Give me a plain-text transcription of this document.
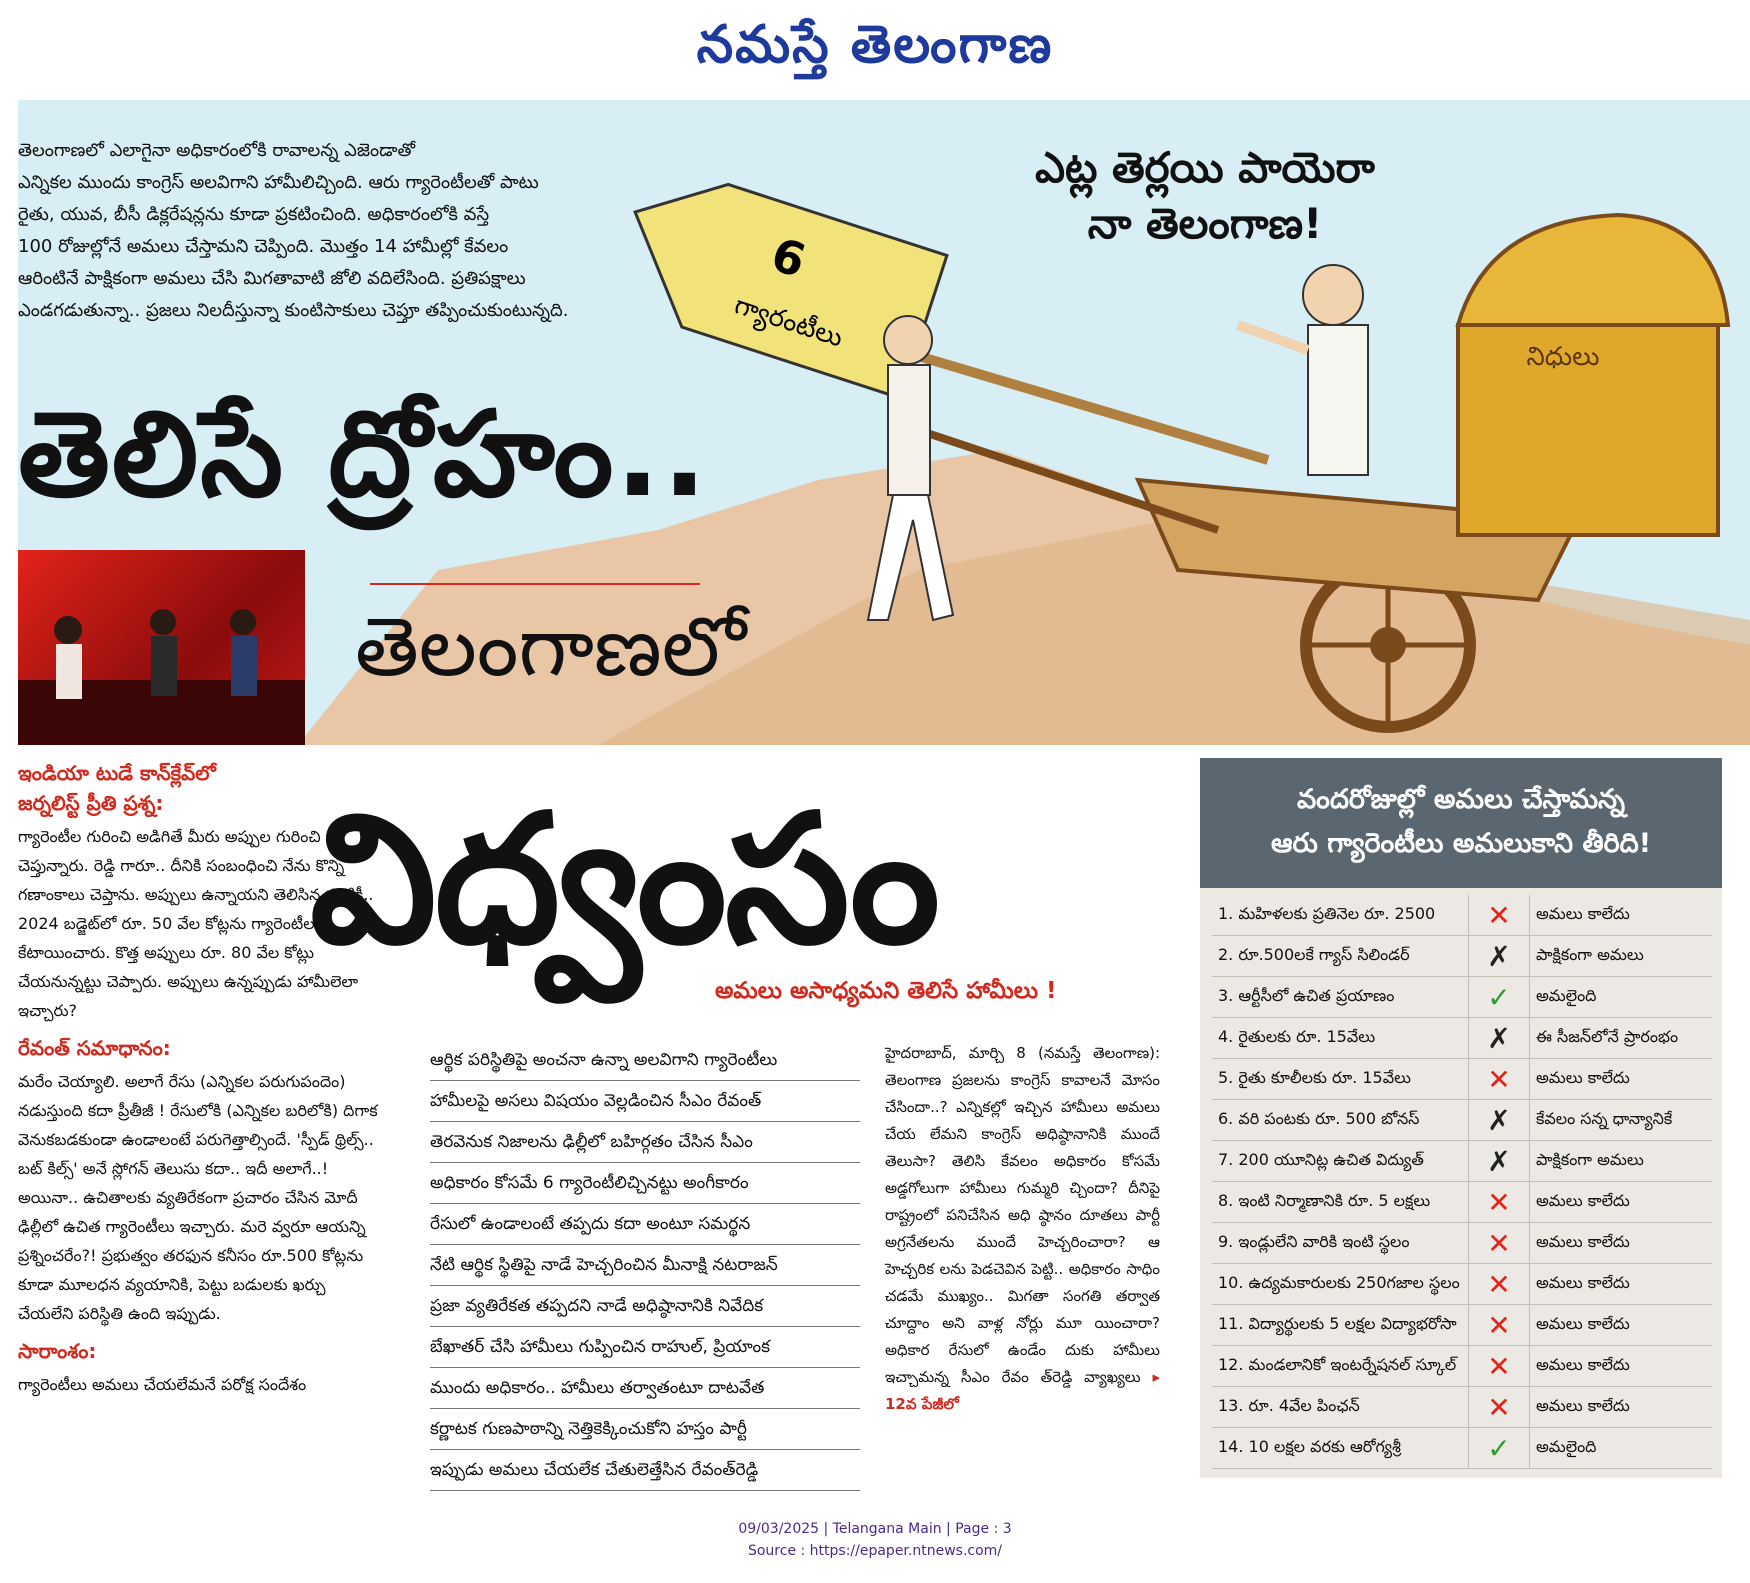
నమస్తే తెలంగాణ
6
గ్యారంటీలు
నిధులు
తెలంగాణలో ఎలాగైనా అధికారంలోకి రావాలన్న ఎజెండాతో
ఎన్నికల ముందు కాంగ్రెస్ అలవిగాని హామీలిచ్చింది. ఆరు గ్యారెంటీలతో పాటు
రైతు, యువ, బీసీ డిక్లరేషన్లను కూడా ప్రకటించింది. అధికారంలోకి వస్తే
100 రోజుల్లోనే అమలు చేస్తామని చెప్పింది. మొత్తం 14 హామీల్లో కేవలం
ఆరింటినే పాక్షికంగా అమలు చేసి మిగతావాటి జోలి వదిలేసింది. ప్రతిపక్షాలు
ఎండగడుతున్నా.. ప్రజలు నిలదీస్తున్నా కుంటిసాకులు చెప్తూ తప్పించుకుంటున్నది.
ఎట్ల తెర్లయి పాయెరా
నా తెలంగాణ!
తెలిసే ద్రోహం..
తెలంగాణలో
ఇండియా టుడే కాన్‌క్లేవ్‌లో
జర్నలిస్ట్ ప్రీతి ప్రశ్న:
గ్యారెంటీల గురించి అడిగితే మీరు అప్పుల గురించి చెప్తున్నారు. రెడ్డి గారూ.. దీనికి సంబంధించి నేను కొన్ని గణాంకాలు చెప్తాను. అప్పులు ఉన్నాయని తెలిసిన ప్పటికీ.. 2024 బడ్జెట్‌లో రూ. 50 వేల కోట్లను గ్యారెంటీలకు కేటాయించారు. కొత్త అప్పులు రూ. 80 వేల కోట్లు చేయనున్నట్టు చెప్పారు. అప్పులు ఉన్నప్పుడు హామీలెలా ఇచ్చారు?
రేవంత్ సమాధానం:
మరేం చెయ్యాలి. అలాగే రేసు (ఎన్నికల పరుగుపందెం) నడుస్తుంది కదా ప్రీతీజీ ! రేసులోకి (ఎన్నికల బరిలోకి) దిగాక వెనుకబడకుండా ఉండాలంటే పరుగెత్తాల్సిందే. 'స్పీడ్ థ్రిల్స్.. బట్ కిల్స్' అనే స్లోగన్ తెలుసు కదా.. ఇదీ అలాగే..! అయినా.. ఉచితాలకు వ్యతిరేకంగా ప్రచారం చేసిన మోదీ ఢిల్లీలో ఉచిత గ్యారెంటీలు ఇచ్చారు. మరె వ్వరూ ఆయన్ని ప్రశ్నించరేం?! ప్రభుత్వం తరఫున కనీసం రూ.500 కోట్లను కూడా మూలధన వ్యయానికి, పెట్టు బడులకు ఖర్చు చేయలేని పరిస్థితి ఉంది ఇప్పుడు.
సారాంశం:
గ్యారెంటీలు అమలు చేయలేమనే పరోక్ష సందేశం
విధ్వంసం
అమలు అసాధ్యమని తెలిసే హామీలు !
ఆర్థిక పరిస్థితిపై అంచనా ఉన్నా అలవిగాని గ్యారెంటీలు
హామీలపై అసలు విషయం వెల్లడించిన సీఎం రేవంత్
తెరవెనుక నిజాలను ఢిల్లీలో బహిర్గతం చేసిన సీఎం
అధికారం కోసమే 6 గ్యారెంటీలిచ్చినట్టు అంగీకారం
రేసులో ఉండాలంటే తప్పదు కదా అంటూ సమర్థన
నేటి ఆర్థిక స్థితిపై నాడే హెచ్చరించిన మీనాక్షి నటరాజన్
ప్రజా వ్యతిరేకత తప్పదని నాడే అధిష్ఠానానికి నివేదిక
బేఖాతర్ చేసి హామీలు గుప్పించిన రాహుల్, ప్రియాంక
ముందు అధికారం.. హామీలు తర్వాతంటూ దాటవేత
కర్ణాటక గుణపాఠాన్ని నెత్తికెక్కించుకోని హస్తం పార్టీ
ఇప్పుడు అమలు చేయలేక చేతులెత్తేసిన రేవంత్‌రెడ్డి
హైదరాబాద్, మార్చి 8 (నమస్తే తెలంగాణ): తెలంగాణ ప్రజలను కాంగ్రెస్ కావాలనే మోసం చేసిందా..? ఎన్నికల్లో ఇచ్చిన హామీలు అమలు చేయ లేమని కాంగ్రెస్ అధిష్ఠానానికి ముందే తెలుసా? తెలిసి కేవలం అధికారం కోసమే అడ్డగోలుగా హామీలు గుమ్మరి చ్చిందా? దీనిపై రాష్ట్రంలో పనిచేసిన అధి ష్ఠానం దూతలు పార్టీ అగ్రనేతలను ముందే హెచ్చరించారా? ఆ హెచ్చరిక లను పెడచెవిన పెట్టి.. అధికారం సాధిం చడమే ముఖ్యం.. మిగతా సంగతి తర్వాత చూద్దాం అని వాళ్ల నోర్లు మూ యించారా? అధికార రేసులో ఉండేం దుకు హామీలు ఇచ్చామన్న సీఎం రేవం త్‌రెడ్డి వ్యాఖ్యలు ▸ 12వ పేజీలో
వందరోజుల్లో అమలు చేస్తామన్న
ఆరు గ్యారెంటీలు అమలుకాని తీరిది!
1. మహిళలకు ప్రతినెల రూ. 2500	✕	అమలు కాలేదు
2. రూ.500లకే గ్యాస్ సిలిండర్	✗	పాక్షికంగా అమలు
3. ఆర్టీసీలో ఉచిత ప్రయాణం	✓	అమలైంది
4. రైతులకు రూ. 15వేలు	✗	ఈ సీజన్‌లోనే ప్రారంభం
5. రైతు కూలీలకు రూ. 15వేలు	✕	అమలు కాలేదు
6. వరి పంటకు రూ. 500 బోనస్	✗	కేవలం సన్న ధాన్యానికే
7. 200 యూనిట్ల ఉచిత విద్యుత్	✗	పాక్షికంగా అమలు
8. ఇంటి నిర్మాణానికి రూ. 5 లక్షలు	✕	అమలు కాలేదు
9. ఇండ్లులేని వారికి ఇంటి స్థలం	✕	అమలు కాలేదు
10. ఉద్యమకారులకు 250గజాల స్థలం	✕	అమలు కాలేదు
11. విద్యార్థులకు 5 లక్షల విద్యాభరోసా	✕	అమలు కాలేదు
12. మండలానికో ఇంటర్నేషనల్ స్కూల్	✕	అమలు కాలేదు
13. రూ. 4వేల పింఛన్	✕	అమలు కాలేదు
14. 10 లక్షల వరకు ఆరోగ్యశ్రీ	✓	అమలైంది
09/03/2025 | Telangana Main | Page : 3
Source : https://epaper.ntnews.com/
